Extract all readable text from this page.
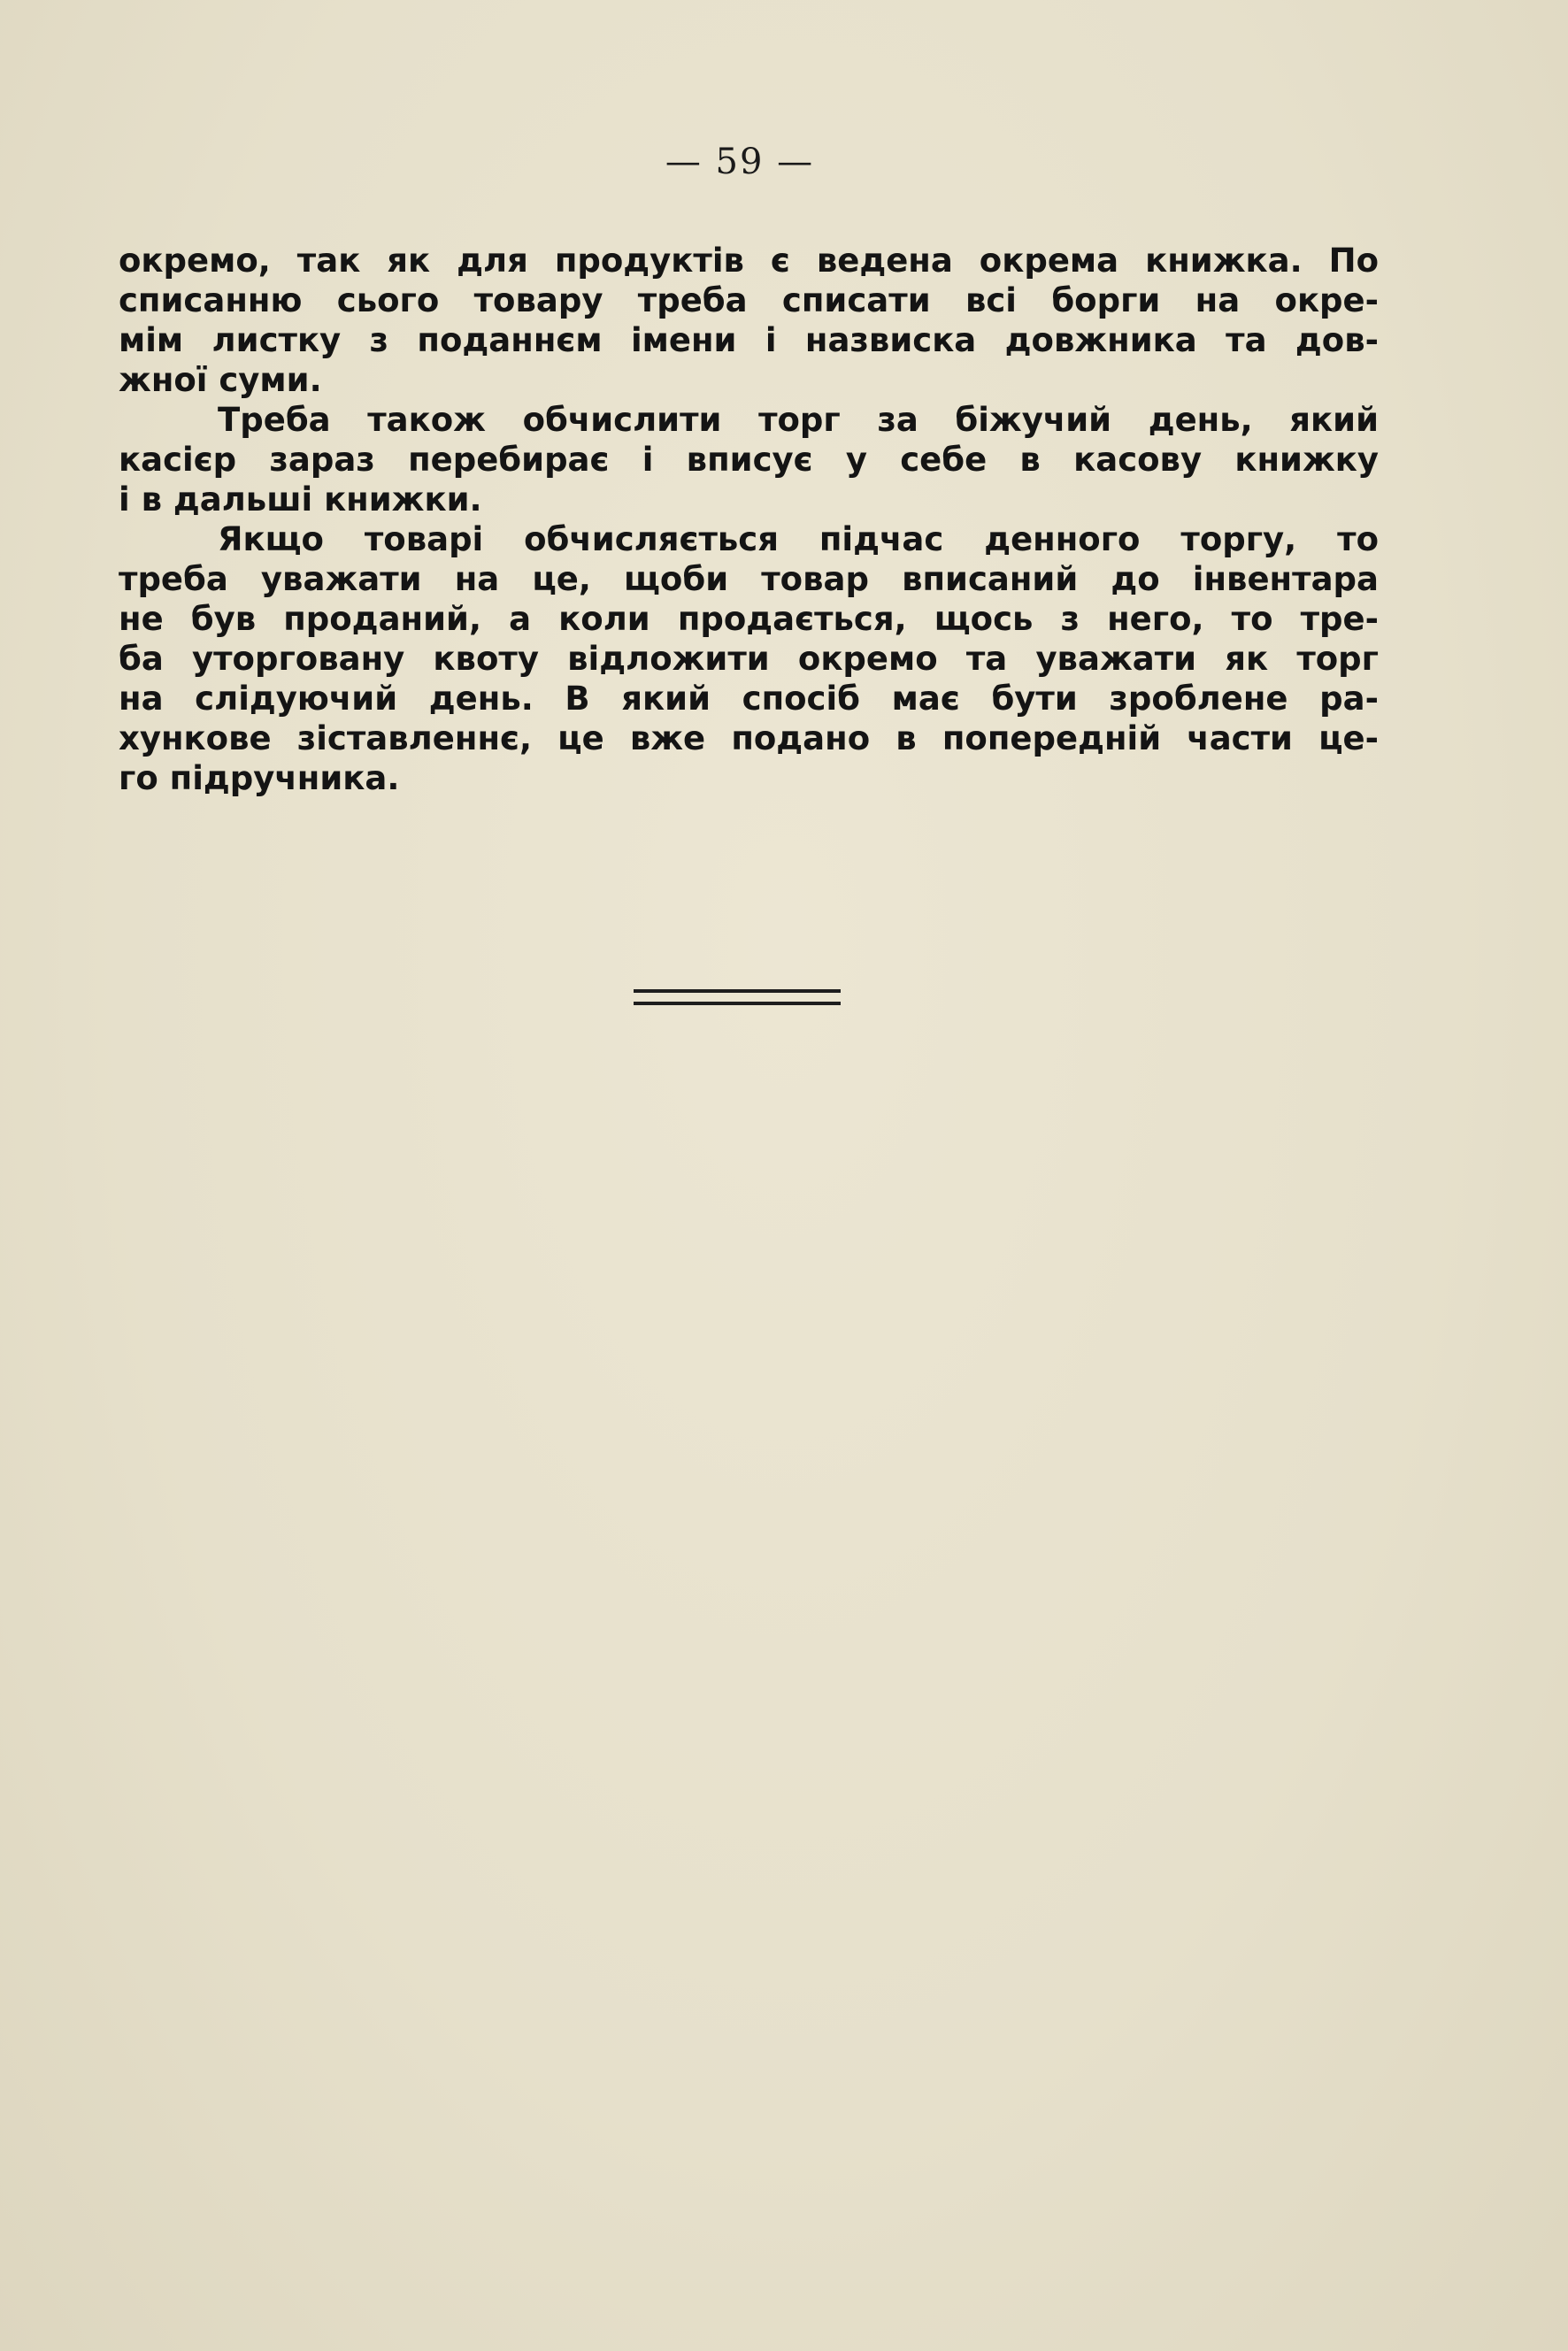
— 59 —
окремо, так як для продуктів є ведена окрема книжка. По
списанню сього товару треба списати всі борги на окре-
мім листку з поданнєм імени і назвиска довжника та дов-
жної суми.
Треба також обчислити торг за біжучий день, який
касієр зараз перебирає і вписує у себе в касову книжку
і в дальші книжки.
Якщо товарі обчисляється підчас денного торгу, то
треба уважати на це, щоби товар вписаний до інвентара
не був проданий, а коли продається, щось з него, то тре-
ба уторговану квоту відложити окремо та уважати як торг
на слідуючий день. В який спосіб має бути зроблене ра-
хункове зіставленнє, це вже подано в попередній части це-
го підручника.
